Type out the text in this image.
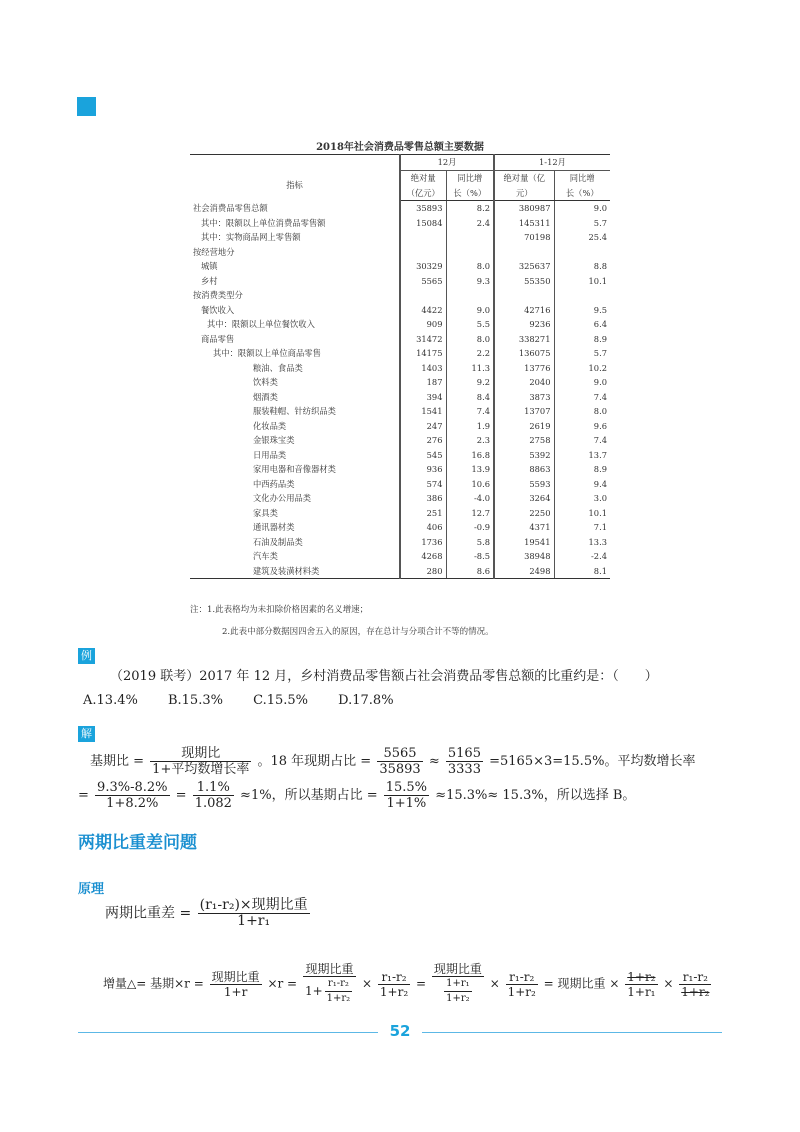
2018年社会消费品零售总额主要数据
	12月		1-12月	
指标	绝对量	同比增	绝对量（亿	同比增
	（亿元）	长（%）	元）	长（%）
社会消费品零售总额	35893	8.2	380987	9.0
其中：限额以上单位消费品零售额	15084	2.4	145311	5.7
其中：实物商品网上零售额			70198	25.4
按经营地分				
城镇	30329	8.0	325637	8.8
乡村	5565	9.3	55350	10.1
按消费类型分				
餐饮收入	4422	9.0	42716	9.5
其中：限额以上单位餐饮收入	909	5.5	9236	6.4
商品零售	31472	8.0	338271	8.9
其中：限额以上单位商品零售	14175	2.2	136075	5.7
粮油、食品类	1403	11.3	13776	10.2
饮料类	187	9.2	2040	9.0
烟酒类	394	8.4	3873	7.4
服装鞋帽、针纺织品类	1541	7.4	13707	8.0
化妆品类	247	1.9	2619	9.6
金银珠宝类	276	2.3	2758	7.4
日用品类	545	16.8	5392	13.7
家用电器和音像器材类	936	13.9	8863	8.9
中西药品类	574	10.6	5593	9.4
文化办公用品类	386	-4.0	3264	3.0
家具类	251	12.7	2250	10.1
通讯器材类	406	-0.9	4371	7.1
石油及制品类	1736	5.8	19541	13.3
汽车类	4268	-8.5	38948	-2.4
建筑及装潢材料类	280	8.6	2498	8.1
注：1.此表格均为未扣除价格因素的名义增速；
2.此表中部分数据因四舍五入的原因，存在总计与分项合计不等的情况。
例
（2019 联考）2017 年 12 月，乡村消费品零售额占社会消费品零售总额的比重约是：（　　）
A.13.4% B.15.3% C.15.5% D.17.8%
解
基期比 = $\frac{\text{现期比}}{\text{1+平均数增长率}}$ 。18 年现期占比 = $\frac{5565}{35893} \approx \frac{5165}{3333} =5165\times 3=15.5\%$。平均数增长率
= $\frac{9.3\%-8.2\%}{1+8.2\%} = \frac{1.1\%}{1.082} \approx 1\%$，所以基期占比 = $\frac{15.5\%}{1+1\%} \approx 15.3\%\approx 15.3\%$，所以选择 B。
两期比重差问题
原理
两期比重差 = $\frac{\text{(r₁-r₂)×现期比重}}{\text{1+r₁}}$
增量△= 基期$\times r = \frac{\text{现期比重}}{1+r} \times r = \frac{\text{现期比重}}{1+ \frac{\text{r₁-r₂}}{\text{1+r₂}}} \times \frac{\text{r₁-r₂}}{\text{1+r₂}} = \frac{\text{现期比重}}{\frac{\text{1+r₁}}{\text{1+r₂}}} \times \frac{\text{r₁-r₂}}{\text{1+r₂}}$ = 现期比重 × $\frac{\text{1+r₂}}{\text{1+r₁}} \times \frac{\text{r₁-r₂}}{\text{1+r₂}}$
52
